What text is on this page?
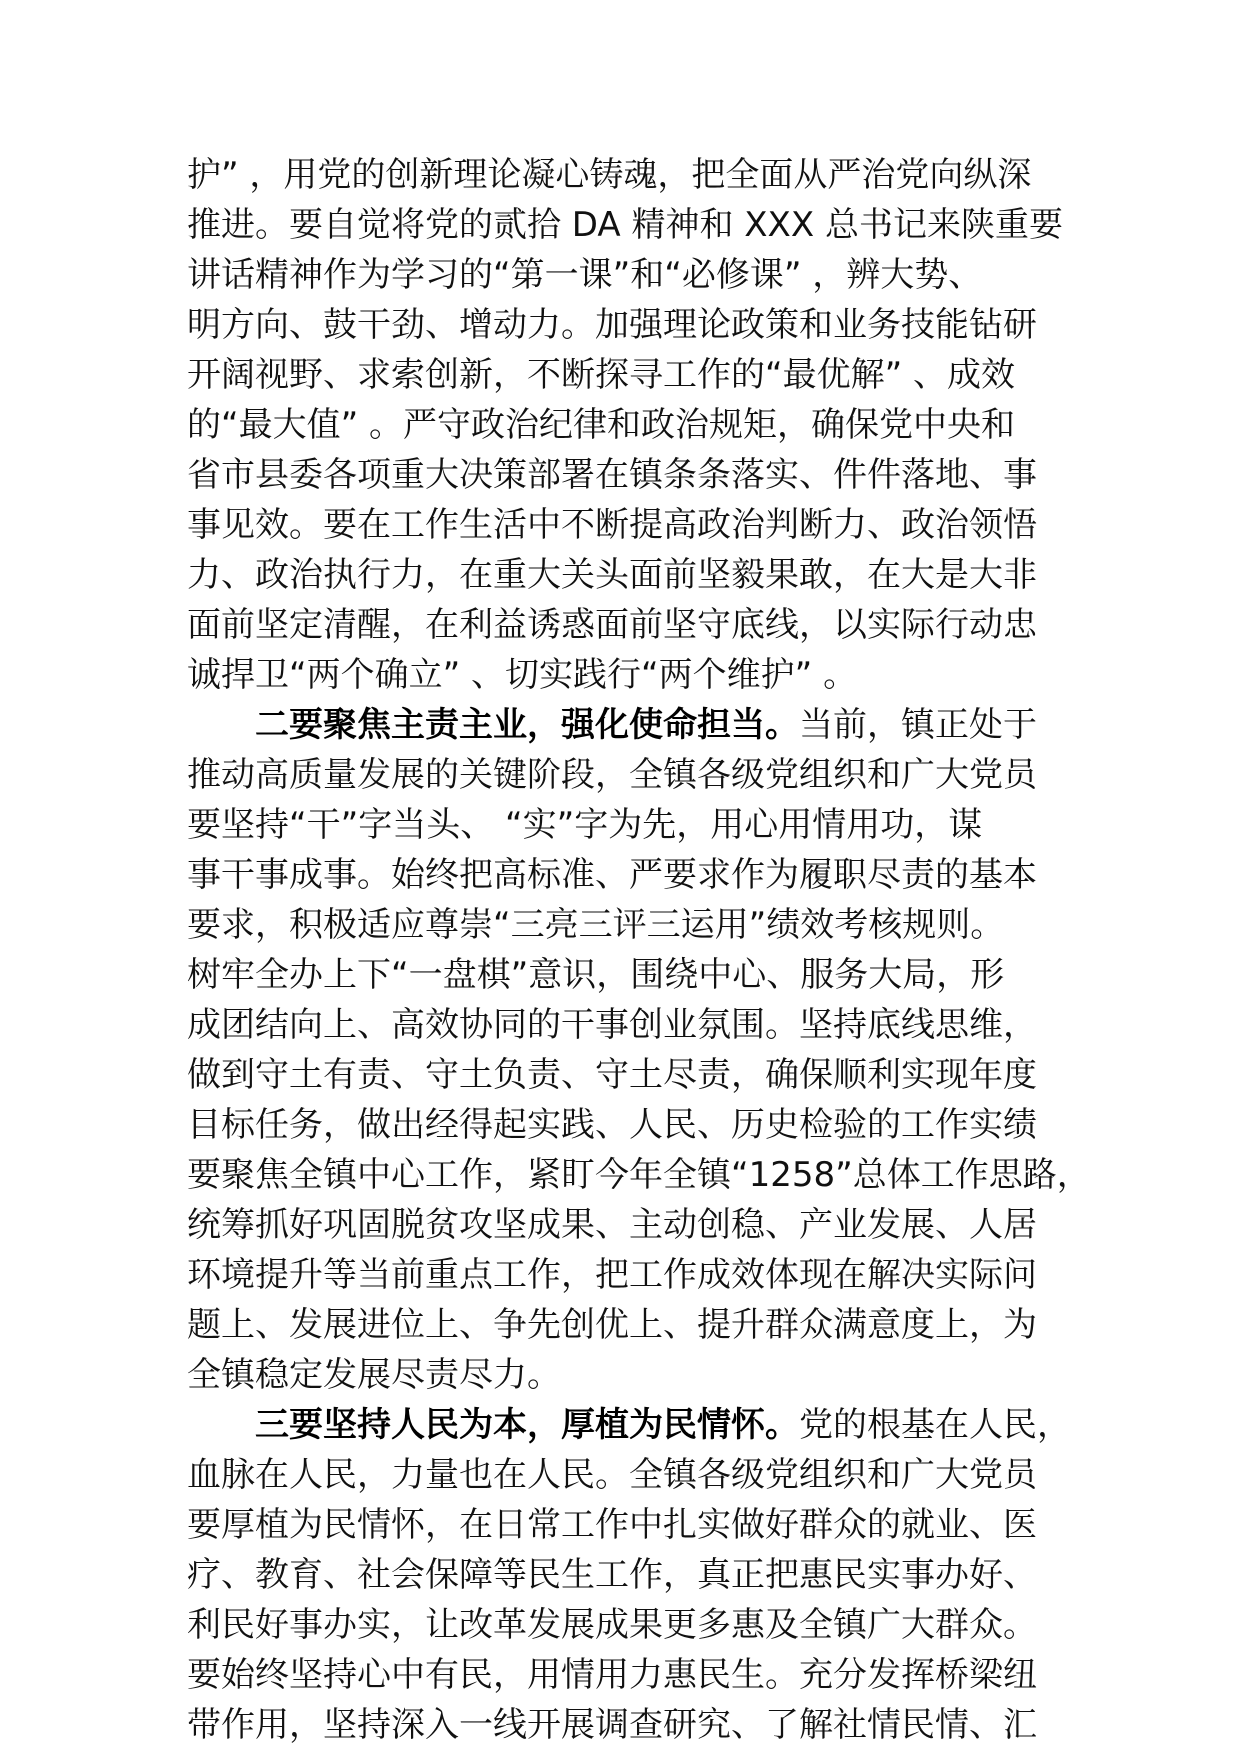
护” ，用党的创新理论凝心铸魂，把全面从严治党向纵深
推进。要自觉将党的贰拾 DA 精神和 XXX 总书记来陕重要
讲话精神作为学习的“第一课”和“必修课” ，辨大势、
明方向、鼓干劲、增动力。加强理论政策和业务技能钻研
开阔视野、求索创新，不断探寻工作的“最优解” 、成效
的“最大值” 。严守政治纪律和政治规矩，确保党中央和
省市县委各项重大决策部署在镇条条落实、件件落地、事
事见效。要在工作生活中不断提高政治判断力、政治领悟
力、政治执行力，在重大关头面前坚毅果敢，在大是大非
面前坚定清醒，在利益诱惑面前坚守底线，以实际行动忠
诚捍卫“两个确立” 、切实践行“两个维护” 。
二要聚焦主责主业，强化使命担当。当前，镇正处于
推动高质量发展的关键阶段，全镇各级党组织和广大党员
要坚持“干”字当头、 “实”字为先，用心用情用功，谋
事干事成事。始终把高标准、严要求作为履职尽责的基本
要求，积极适应尊崇“三亮三评三运用”绩效考核规则。
树牢全办上下“一盘棋”意识，围绕中心、服务大局，形
成团结向上、高效协同的干事创业氛围。坚持底线思维，
做到守土有责、守土负责、守土尽责，确保顺利实现年度
目标任务，做出经得起实践、人民、历史检验的工作实绩
要聚焦全镇中心工作，紧盯今年全镇“1258”总体工作思路，
统筹抓好巩固脱贫攻坚成果、主动创稳、产业发展、人居
环境提升等当前重点工作，把工作成效体现在解决实际问
题上、发展进位上、争先创优上、提升群众满意度上，为
全镇稳定发展尽责尽力。
三要坚持人民为本，厚植为民情怀。党的根基在人民，
血脉在人民，力量也在人民。全镇各级党组织和广大党员
要厚植为民情怀，在日常工作中扎实做好群众的就业、医
疗、教育、社会保障等民生工作，真正把惠民实事办好、
利民好事办实，让改革发展成果更多惠及全镇广大群众。
要始终坚持心中有民，用情用力惠民生。充分发挥桥梁纽
带作用，坚持深入一线开展调查研究、了解社情民情、汇
